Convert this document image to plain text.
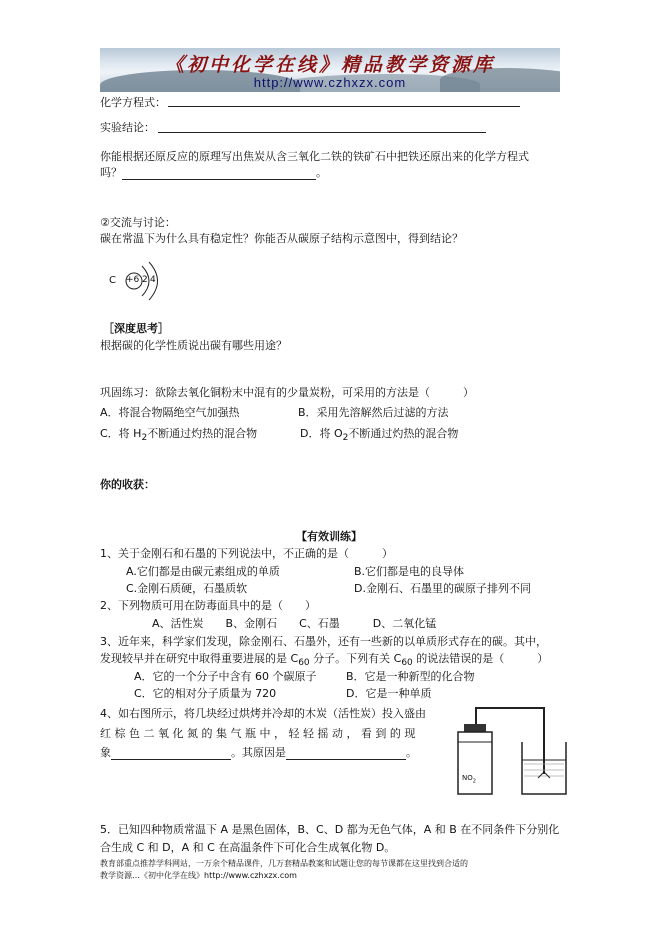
《初中化学在线》精品教学资源库
http://www.czhxzx.com
化学方程式：
实验结论：
你能根据还原反应的原理写出焦炭从含三氧化二铁的铁矿石中把铁还原出来的化学方程式
吗？	。
②交流与讨论：
碳在常温下为什么具有稳定性？你能否从碳原子结构示意图中，得到结论？
C +6 2 4
［深度思考］
根据碳的化学性质说出碳有哪些用途？
巩固练习：欲除去氧化铜粉末中混有的少量炭粉，可采用的方法是（　　　）
A．将混合物隔绝空气加强热	B．采用先溶解然后过滤的方法
C．将 $H_2$不断通过灼热的混合物	D．将 $O_2$不断通过灼热的混合物
你的收获：
【有效训练】
1、关于金刚石和石墨的下列说法中，不正确的是（　　　）
A.它们都是由碳元素组成的单质	B.它们都是电的良导体
C.金刚石质硬，石墨质软	D.金刚石、石墨里的碳原子排列不同
2、下列物质可用在防毒面具中的是（　　）
A、活性炭　　B、金刚石　　C、石墨　　　D、二氧化锰
3、近年来，科学家们发现，除金刚石、石墨外，还有一些新的以单质形式存在的碳。其中，
发现较早并在研究中取得重要进展的是 $C_{60}$ 分子。下列有关 $C_{60}$ 的说法错误的是（　　　）
A．它的一个分子中含有 60 个碳原子	B．它是一种新型的化合物
C．它的相对分子质量为 720	D．它是一种单质
4、如右图所示，将几块经过烘烤并冷却的木炭（活性炭）投入盛由
红 棕 色 二 氧 化 氮 的 集 气 瓶 中 ， 轻 轻 摇 动 ， 看 到 的 现
象	。其原因是	。
$NO_2$
5．已知四种物质常温下 A 是黑色固体，B、C、D 都为无色气体，A 和 B 在不同条件下分别化
合生成 C 和 D，A 和 C 在高温条件下可化合生成氧化物 D。
教育部重点推荐学科网站，一万余个精品课件，几万套精品教案和试题让您的每节课都在这里找到合适的
教学资源…《初中化学在线》http://www.czhxzx.com
